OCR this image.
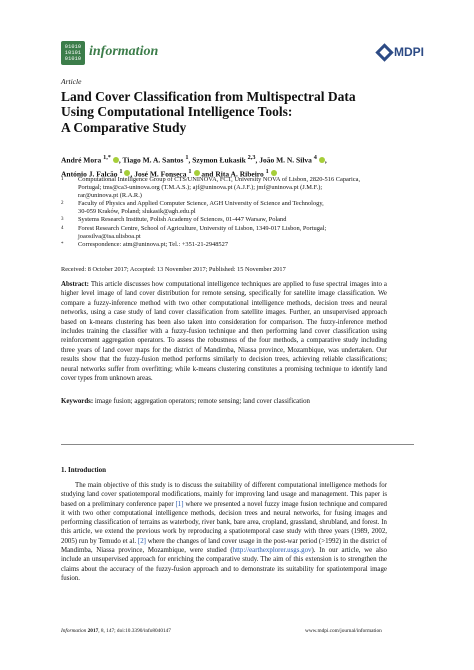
01010
10101
01010
information	MDPI
Article
Land Cover Classification from Multispectral Data
Using Computational Intelligence Tools:
A Comparative Study
André Mora $^{1,*}$ , Tiago M. A. Santos $^1$, Szymon Łukasik $^{2,3}$, João M. N. Silva $^4$ ,
António J. Falcão $^1$ , José M. Fonseca $^1$ and Rita A. Ribeiro $^1$
1	Computational Intelligence Group of CTS/UNINOVA, FCT, University NOVA of Lisbon, 2820-516 Caparica,
Portugal; tms@ca3-uninova.org (T.M.A.S.); ajf@uninova.pt (A.J.F.); jmf@uninova.pt (J.M.F.);
rar@uninova.pt (R.A.R.)
2	Faculty of Physics and Applied Computer Science, AGH University of Science and Technology,
30-059 Kraków, Poland; slukasik@agh.edu.pl
3	Systems Research Institute, Polish Academy of Sciences, 01-447 Warsaw, Poland
4	Forest Research Centre, School of Agriculture, University of Lisbon, 1349-017 Lisbon, Portugal;
joaosilva@isa.ulisboa.pt
*	Correspondence: atm@uninova.pt; Tel.: +351-21-2948527
Received: 8 October 2017; Accepted: 13 November 2017; Published: 15 November 2017
Abstract: This article discusses how computational intelligence techniques are applied to fuse spectral images into a higher level image of land cover distribution for remote sensing, specifically for satellite image classification. We compare a fuzzy-inference method with two other computational intelligence methods, decision trees and neural networks, using a case study of land cover classification from satellite images. Further, an unsupervised approach based on k-means clustering has been also taken into consideration for comparison. The fuzzy-inference method includes training the classifier with a fuzzy-fusion technique and then performing land cover classification using reinforcement aggregation operators. To assess the robustness of the four methods, a comparative study including three years of land cover maps for the district of Mandimba, Niassa province, Mozambique, was undertaken. Our results show that the fuzzy-fusion method performs similarly to decision trees, achieving reliable classifications; neural networks suffer from overfitting; while k-means clustering constitutes a promising technique to identify land cover types from unknown areas.
Keywords: image fusion; aggregation operators; remote sensing; land cover classification
1. Introduction
The main objective of this study is to discuss the suitability of different computational intelligence methods for studying land cover spatiotemporal modifications, mainly for improving land usage and management. This paper is based on a preliminary conference paper [1] where we presented a novel fuzzy image fusion technique and compared it with two other computational intelligence methods, decision trees and neural networks, for fusing images and performing classification of terrains as waterbody, river bank, bare area, cropland, grassland, shrubland, and forest. In this article, we extend the previous work by reproducing a spatiotemporal case study with three years (1989, 2002, 2005) run by Temudo et al. [2] where the changes of land cover usage in the post-war period (>1992) in the district of Mandimba, Niassa province, Mozambique, were studied (http://earthexplorer.usgs.gov). In our article, we also include an unsupervised approach for enriching the comparative study. The aim of this extension is to strengthen the claims about the accuracy of the fuzzy-fusion approach and to demonstrate its suitability for spatiotemporal image fusion.
Information 2017, 8, 147; doi:10.3390/info8040147	www.mdpi.com/journal/information
